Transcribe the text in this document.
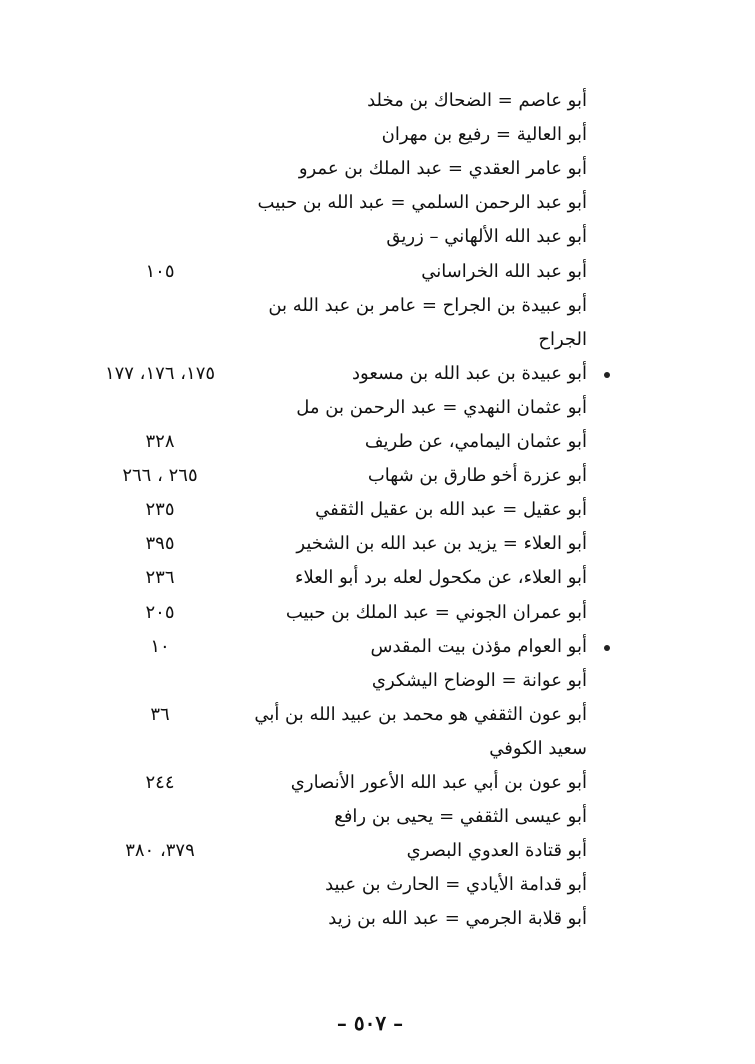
أبو عاصم = الضحاك بن مخلد
أبو العالية = رفيع بن مهران
أبو عامر العقدي = عبد الملك بن عمرو
أبو عبد الرحمن السلمي = عبد الله بن حبيب
أبو عبد الله الألهاني – زريق
أبو عبد الله الخراساني
١٠٥
أبو عبيدة بن الجراح = عامر بن عبد الله بن
الجراح
أبو عبيدة بن عبد الله بن مسعود
١٧٥، ١٧٦، ١٧٧
أبو عثمان النهدي = عبد الرحمن بن مل
أبو عثمان اليمامي، عن طريف
٣٢٨
أبو عزرة أخو طارق بن شهاب
٢٦٥ ، ٢٦٦
أبو عقيل = عبد الله بن عقيل الثقفي
٢٣٥
أبو العلاء = يزيد بن عبد الله بن الشخير
٣٩٥
أبو العلاء، عن مكحول لعله برد أبو العلاء
٢٣٦
أبو عمران الجوني = عبد الملك بن حبيب
٢٠٥
أبو العوام مؤذن بيت المقدس
١٠
أبو عوانة = الوضاح اليشكري
أبو عون الثقفي هو محمد بن عبيد الله بن أبي
٣٦
سعيد الكوفي
أبو عون بن أبي عبد الله الأعور الأنصاري
٢٤٤
أبو عيسى الثقفي = يحيى بن رافع
أبو قتادة العدوي البصري
٣٧٩، ٣٨٠
أبو قدامة الأيادي = الحارث بن عبيد
أبو قلابة الجرمي = عبد الله بن زيد
– ٥٠٧ –
